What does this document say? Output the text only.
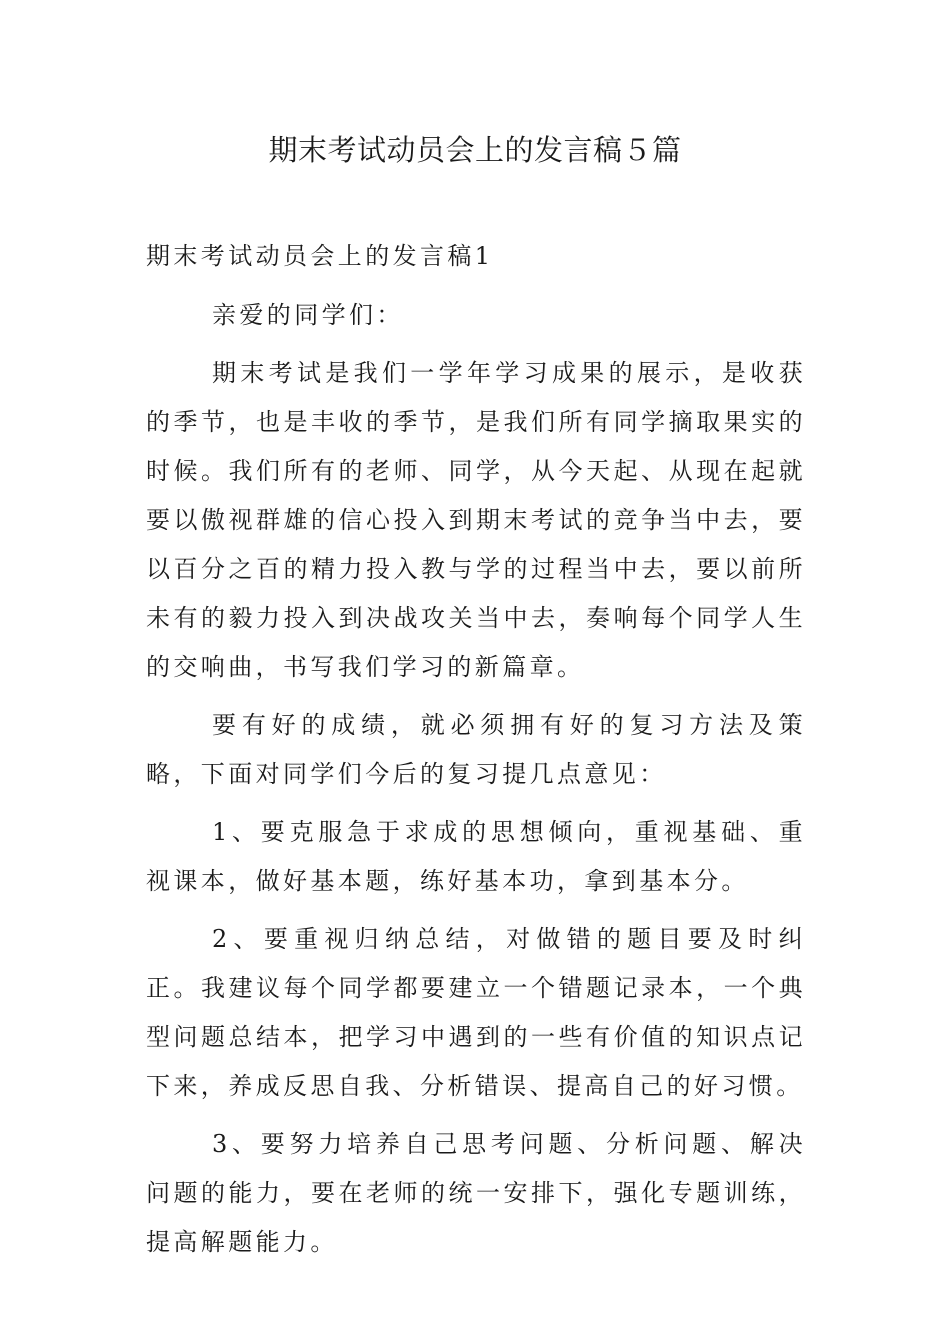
期末考试动员会上的发言稿５篇

期末考试动员会上的发言稿1

亲爱的同学们：

期末考试是我们一学年学习成果的展示，是收获的季节，也是丰收的季节，是我们所有同学摘取果实的时候。我们所有的老师、同学，从今天起、从现在起就要以傲视群雄的信心投入到期末考试的竞争当中去，要以百分之百的精力投入教与学的过程当中去，要以前所未有的毅力投入到决战攻关当中去，奏响每个同学人生的交响曲，书写我们学习的新篇章。

要有好的成绩，就必须拥有好的复习方法及策略，下面对同学们今后的复习提几点意见：

1、要克服急于求成的思想倾向，重视基础、重视课本，做好基本题，练好基本功，拿到基本分。

2、要重视归纳总结，对做错的题目要及时纠正。我建议每个同学都要建立一个错题记录本，一个典型问题总结本，把学习中遇到的一些有价值的知识点记下来，养成反思自我、分析错误、提高自己的好习惯。

3、要努力培养自己思考问题、分析问题、解决问题的能力，要在老师的统一安排下，强化专题训练，提高解题能力。
